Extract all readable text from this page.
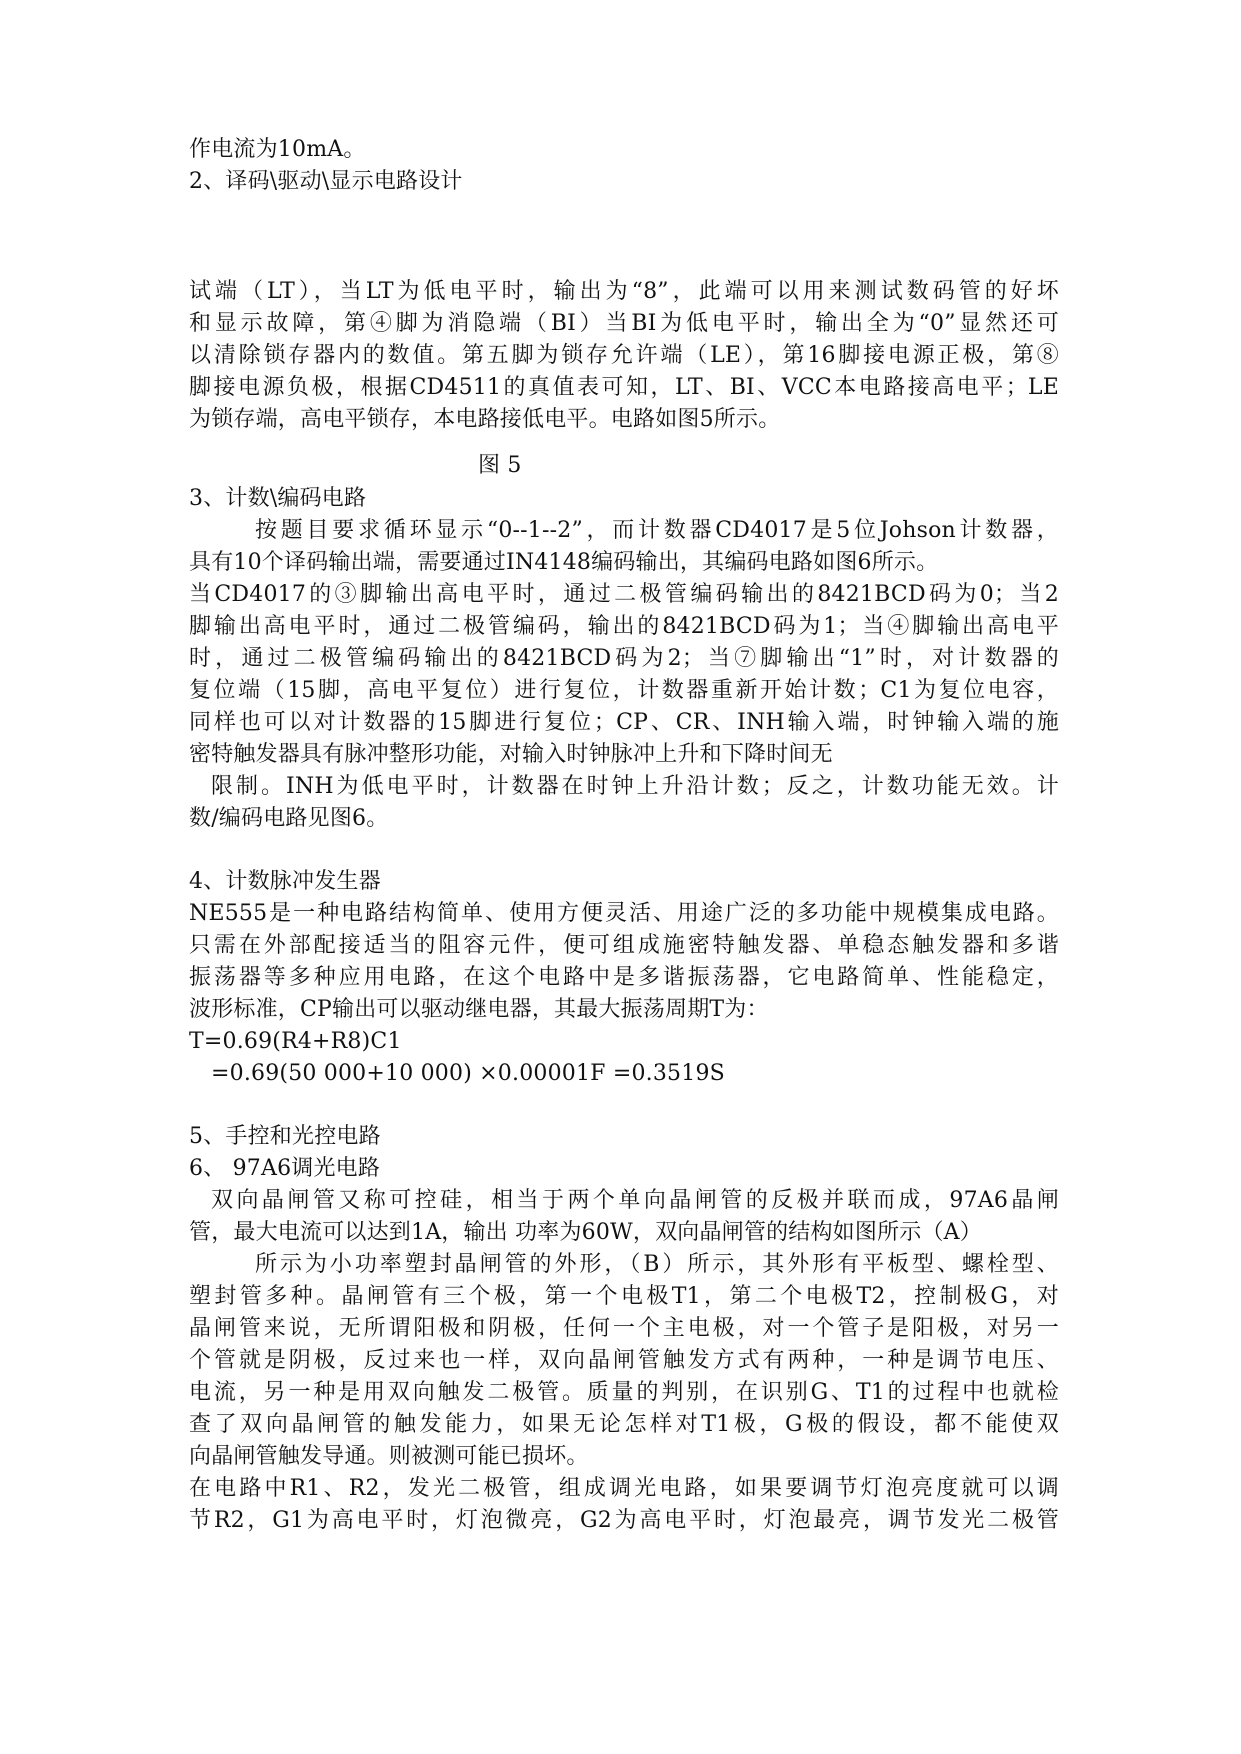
作电流为10mA。
2、译码\驱动\显示电路设计
试端（LT），当LT为低电平时，输出为“8”，此端可以用来测试数码管的好坏
和显示故障，第④脚为消隐端（BI）当BI为低电平时，输出全为“0”显然还可
以清除锁存器内的数值。第五脚为锁存允许端（LE），第16脚接电源正极，第⑧
脚接电源负极，根据CD4511的真值表可知，LT、BI、VCC本电路接高电平；LE
为锁存端，高电平锁存，本电路接低电平。电路如图5所示。
图 5
3、计数\编码电路
按题目要求循环显示“0--1--2”，而计数器CD4017是5位Johson计数器，
具有10个译码输出端，需要通过IN4148编码输出，其编码电路如图6所示。
当CD4017的③脚输出高电平时，通过二极管编码输出的8421BCD码为0；当2
脚输出高电平时，通过二极管编码，输出的8421BCD码为1；当④脚输出高电平
时，通过二极管编码输出的8421BCD码为2；当⑦脚输出“1”时，对计数器的
复位端（15脚，高电平复位）进行复位，计数器重新开始计数；C1为复位电容，
同样也可以对计数器的15脚进行复位；CP、CR、INH输入端，时钟输入端的施
密特触发器具有脉冲整形功能，对输入时钟脉冲上升和下降时间无
限制。INH为低电平时，计数器在时钟上升沿计数；反之，计数功能无效。计
数/编码电路见图6。
4、计数脉冲发生器
NE555是一种电路结构简单、使用方便灵活、用途广泛的多功能中规模集成电路。
只需在外部配接适当的阻容元件，便可组成施密特触发器、单稳态触发器和多谐
振荡器等多种应用电路，在这个电路中是多谐振荡器，它电路简单、性能稳定，
波形标准，CP输出可以驱动继电器，其最大振荡周期T为：
T=0.69(R4+R8)C1
=0.69(50 000+10 000) ×0.00001F =0.3519S
5、手控和光控电路
6、 97A6调光电路
双向晶闸管又称可控硅，相当于两个单向晶闸管的反极并联而成，97A6晶闸
管，最大电流可以达到1A，输出 功率为60W，双向晶闸管的结构如图所示（A）
所示为小功率塑封晶闸管的外形，（B）所示，其外形有平板型、螺栓型、
塑封管多种。晶闸管有三个极，第一个电极T1，第二个电极T2，控制极G，对
晶闸管来说，无所谓阳极和阴极，任何一个主电极，对一个管子是阳极，对另一
个管就是阴极，反过来也一样，双向晶闸管触发方式有两种，一种是调节电压、
电流，另一种是用双向触发二极管。质量的判别，在识别G、T1的过程中也就检
查了双向晶闸管的触发能力，如果无论怎样对T1极，G极的假设，都不能使双
向晶闸管触发导通。则被测可能已损坏。
在电路中R1、R2，发光二极管，组成调光电路，如果要调节灯泡亮度就可以调
节R2，G1为高电平时，灯泡微亮，G2为高电平时，灯泡最亮，调节发光二极管
